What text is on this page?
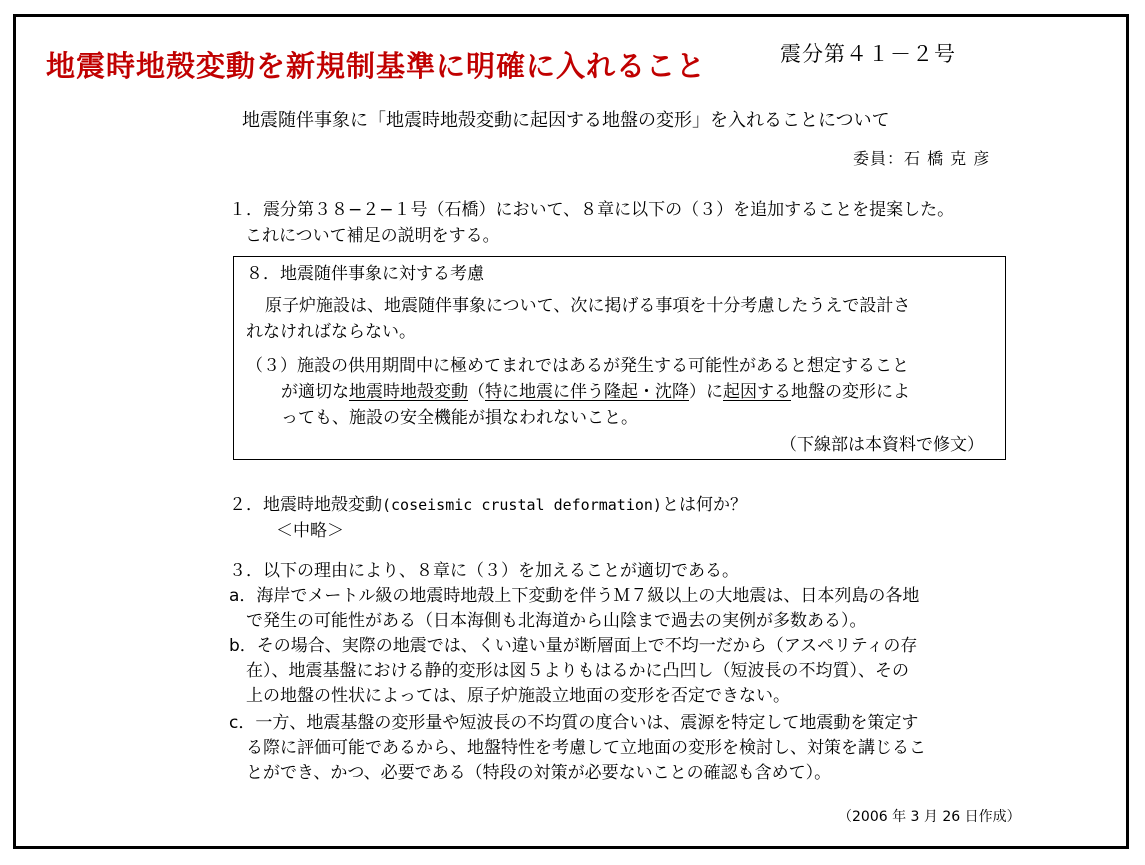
地震時地殻変動を新規制基準に明確に入れること	震分第４１－２号
地震随伴事象に「地震時地殻変動に起因する地盤の変形」を入れることについて
委員：石 橋 克 彦
１．震分第３８−２−１号（石橋）において、８章に以下の（３）を追加することを提案した。
これについて補足の説明をする。
８．地震随伴事象に対する考慮
原子炉施設は、地震随伴事象について、次に掲げる事項を十分考慮したうえで設計さ
れなければならない。
（３）施設の供用期間中に極めてまれではあるが発生する可能性があると想定すること
が適切な地震時地殻変動（特に地震に伴う隆起・沈降）に起因する地盤の変形によ
っても、施設の安全機能が損なわれないこと。
（下線部は本資料で修文）
２．地震時地殻変動(coseismic crustal deformation)とは何か？
＜中略＞
３．以下の理由により、８章に（３）を加えることが適切である。
a．海岸でメートル級の地震時地殻上下変動を伴うＭ７級以上の大地震は、日本列島の各地
で発生の可能性がある（日本海側も北海道から山陰まで過去の実例が多数ある）。
b．その場合、実際の地震では、くい違い量が断層面上で不均一だから（アスペリティの存
在）、地震基盤における静的変形は図５よりもはるかに凸凹し（短波長の不均質）、その
上の地盤の性状によっては、原子炉施設立地面の変形を否定できない。
c．一方、地震基盤の変形量や短波長の不均質の度合いは、震源を特定して地震動を策定す
る際に評価可能であるから、地盤特性を考慮して立地面の変形を検討し、対策を講じるこ
とができ、かつ、必要である（特段の対策が必要ないことの確認も含めて）。
（2006 年 3 月 26 日作成）
